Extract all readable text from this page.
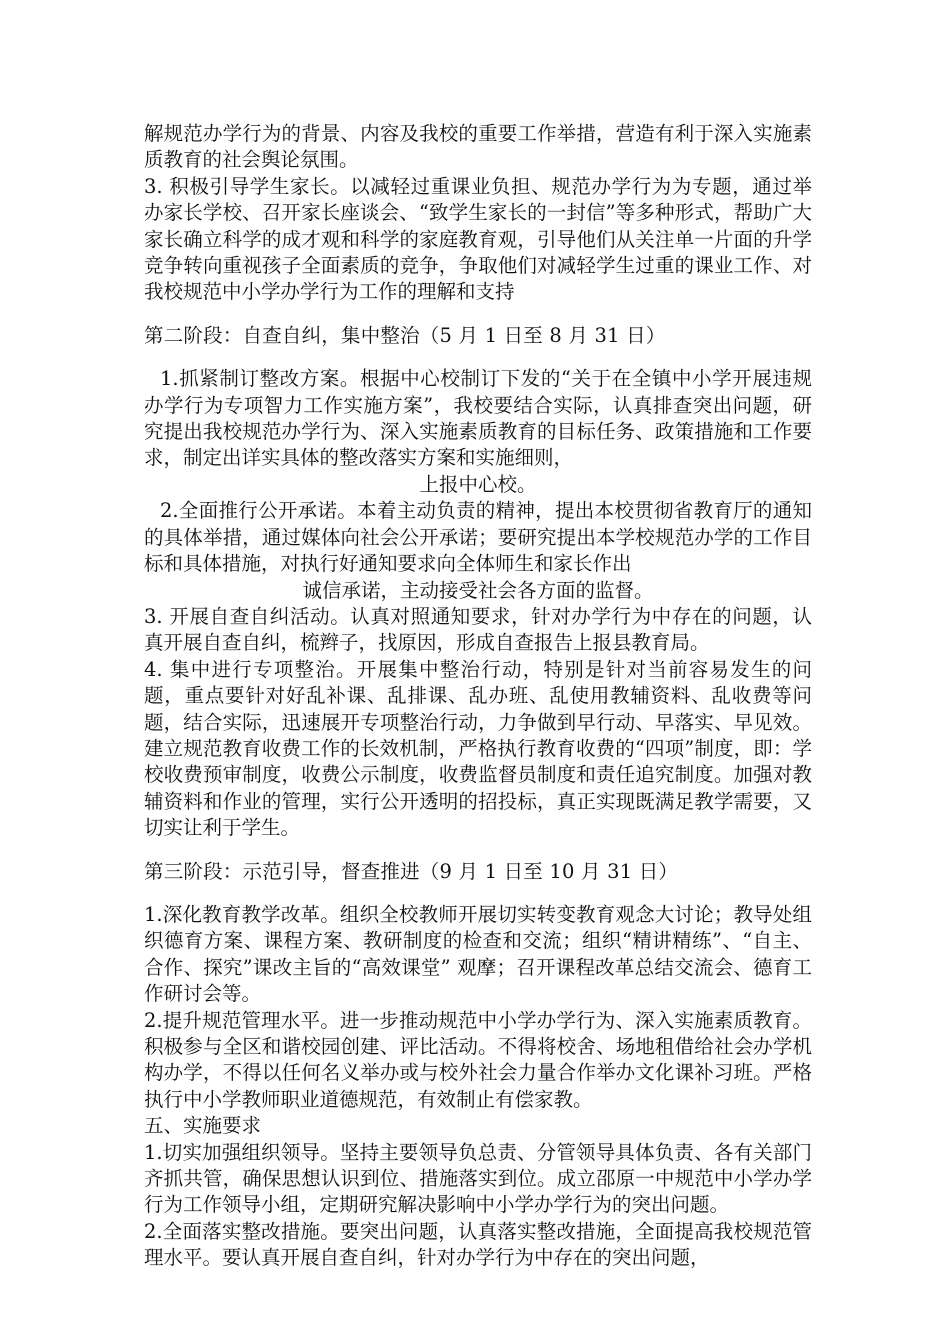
解规范办学行为的背景、内容及我校的重要工作举措，营造有利于深入实施素质教育的社会舆论氛围。

3. 积极引导学生家长。以减轻过重课业负担、规范办学行为为专题，通过举办家长学校、召开家长座谈会、“致学生家长的一封信”等多种形式，帮助广大家长确立科学的成才观和科学的家庭教育观，引导他们从关注单一片面的升学竞争转向重视孩子全面素质的竞争，争取他们对减轻学生过重的课业工作、对我校规范中小学办学行为工作的理解和支持

第二阶段：自查自纠，集中整治（5 月 1 日至 8 月 31 日）

1.抓紧制订整改方案。根据中心校制订下发的“关于在全镇中小学开展违规办学行为专项智力工作实施方案”，我校要结合实际，认真排查突出问题，研究提出我校规范办学行为、深入实施素质教育的目标任务、政策措施和工作要求，制定出详实具体的整改落实方案和实施细则，

上报中心校。

2.全面推行公开承诺。本着主动负责的精神，提出本校贯彻省教育厅的通知的具体举措，通过媒体向社会公开承诺；要研究提出本学校规范办学的工作目标和具体措施，对执行好通知要求向全体师生和家长作出

诚信承诺，主动接受社会各方面的监督。

3. 开展自查自纠活动。认真对照通知要求，针对办学行为中存在的问题，认真开展自查自纠，梳辫子，找原因，形成自查报告上报县教育局。

4. 集中进行专项整治。开展集中整治行动，特别是针对当前容易发生的问题，重点要针对好乱补课、乱排课、乱办班、乱使用教辅资料、乱收费等问题，结合实际，迅速展开专项整治行动，力争做到早行动、早落实、早见效。建立规范教育收费工作的长效机制，严格执行教育收费的“四项”制度，即：学校收费预审制度，收费公示制度，收费监督员制度和责任追究制度。加强对教辅资料和作业的管理，实行公开透明的招投标，真正实现既满足教学需要，又切实让利于学生。

第三阶段：示范引导，督查推进（9 月 1 日至 10 月 31 日）

1.深化教育教学改革。组织全校教师开展切实转变教育观念大讨论；教导处组织德育方案、课程方案、教研制度的检查和交流；组织“精讲精练”、“自主、合作、探究”课改主旨的“高效课堂” 观摩；召开课程改革总结交流会、德育工作研讨会等。

2.提升规范管理水平。进一步推动规范中小学办学行为、深入实施素质教育。积极参与全区和谐校园创建、评比活动。不得将校舍、场地租借给社会办学机构办学，不得以任何名义举办或与校外社会力量合作举办文化课补习班。严格执行中小学教师职业道德规范，有效制止有偿家教。

五、实施要求

1.切实加强组织领导。坚持主要领导负总责、分管领导具体负责、各有关部门齐抓共管，确保思想认识到位、措施落实到位。成立邵原一中规范中小学办学行为工作领导小组，定期研究解决影响中小学办学行为的突出问题。

2.全面落实整改措施。要突出问题，认真落实整改措施，全面提高我校规范管理水平。要认真开展自查自纠，针对办学行为中存在的突出问题，
